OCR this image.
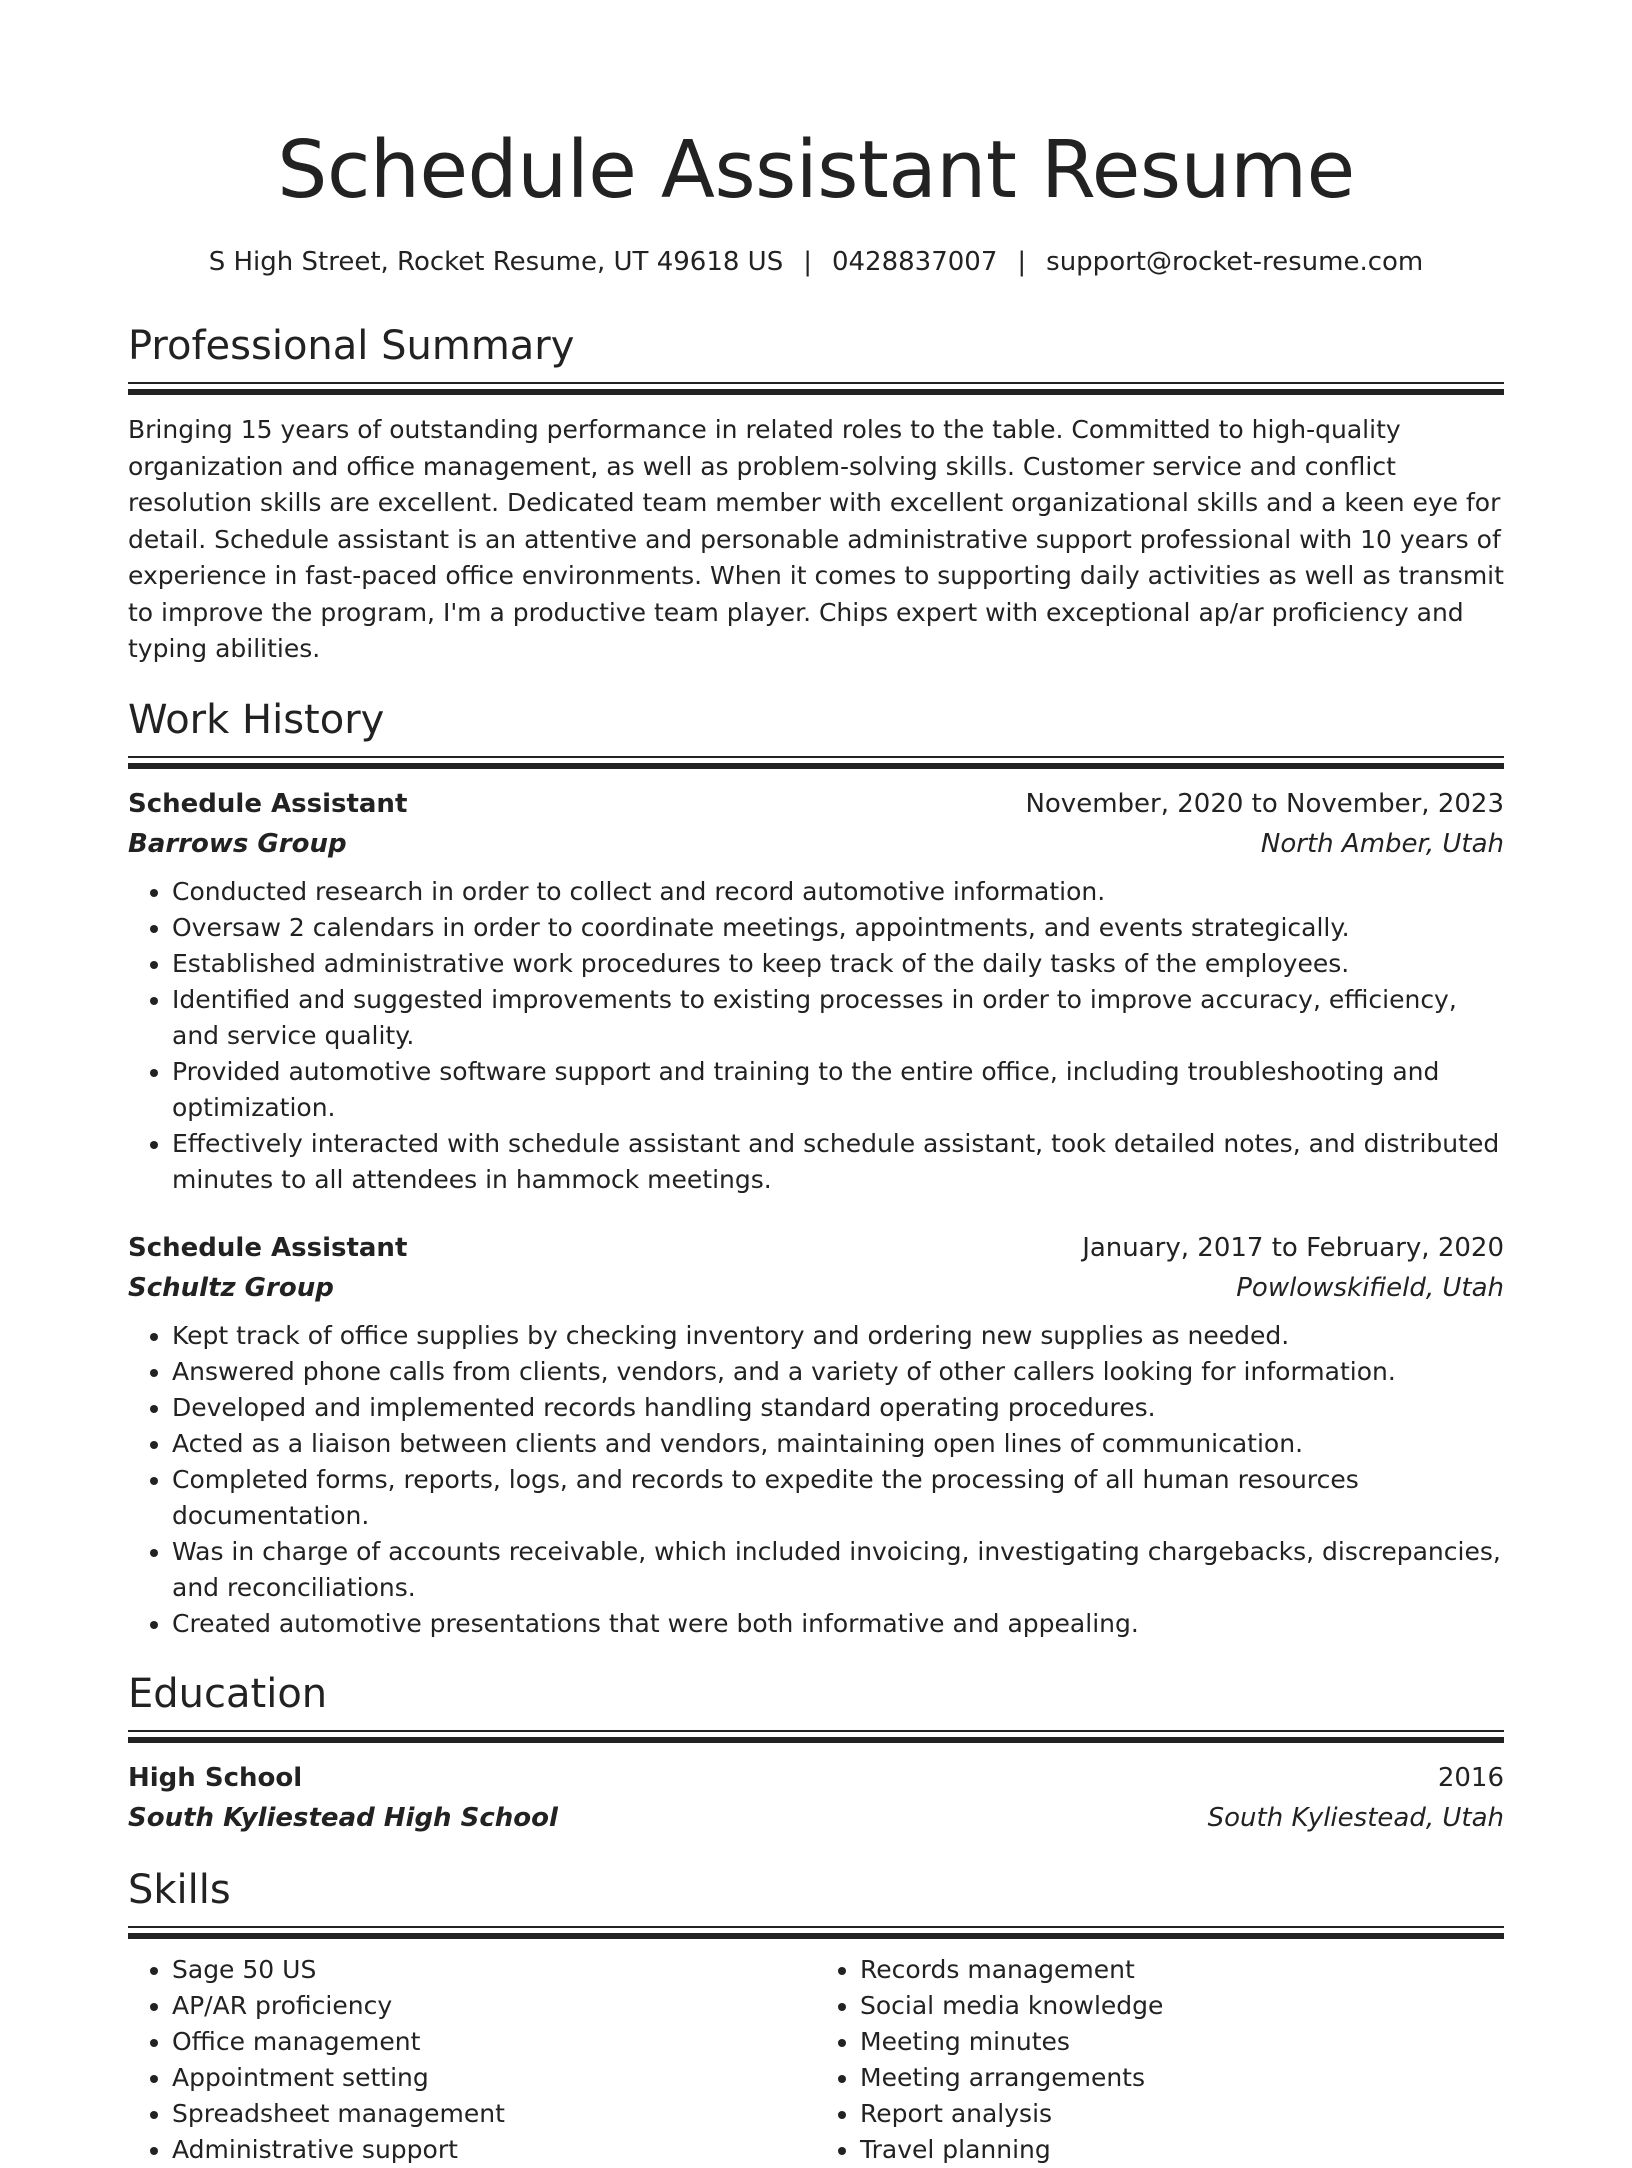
Schedule Assistant Resume
S High Street, Rocket Resume, UT 49618 US | 0428837007 | support@rocket-resume.com
Professional Summary
Bringing 15 years of outstanding performance in related roles to the table. Committed to high-quality organization and office management, as well as problem-solving skills. Customer service and conflict resolution skills are excellent. Dedicated team member with excellent organizational skills and a keen eye for detail. Schedule assistant is an attentive and personable administrative support professional with 10 years of experience in fast-paced office environments. When it comes to supporting daily activities as well as transmit to improve the program, I'm a productive team player. Chips expert with exceptional ap/ar proficiency and typing abilities.
Work History
Schedule Assistant	November, 2020 to November, 2023
Barrows Group	North Amber, Utah
• Conducted research in order to collect and record automotive information.
• Oversaw 2 calendars in order to coordinate meetings, appointments, and events strategically.
• Established administrative work procedures to keep track of the daily tasks of the employees.
• Identified and suggested improvements to existing processes in order to improve accuracy, efficiency, and service quality.
• Provided automotive software support and training to the entire office, including troubleshooting and optimization.
• Effectively interacted with schedule assistant and schedule assistant, took detailed notes, and distributed minutes to all attendees in hammock meetings.
Schedule Assistant	January, 2017 to February, 2020
Schultz Group	Powlowskifield, Utah
• Kept track of office supplies by checking inventory and ordering new supplies as needed.
• Answered phone calls from clients, vendors, and a variety of other callers looking for information.
• Developed and implemented records handling standard operating procedures.
• Acted as a liaison between clients and vendors, maintaining open lines of communication.
• Completed forms, reports, logs, and records to expedite the processing of all human resources documentation.
• Was in charge of accounts receivable, which included invoicing, investigating chargebacks, discrepancies, and reconciliations.
• Created automotive presentations that were both informative and appealing.
Education
High School	2016
South Kyliestead High School	South Kyliestead, Utah
Skills
• Sage 50 US
• AP/AR proficiency
• Office management
• Appointment setting
• Spreadsheet management
• Administrative support
• Records management
• Social media knowledge
• Meeting minutes
• Meeting arrangements
• Report analysis
• Travel planning
